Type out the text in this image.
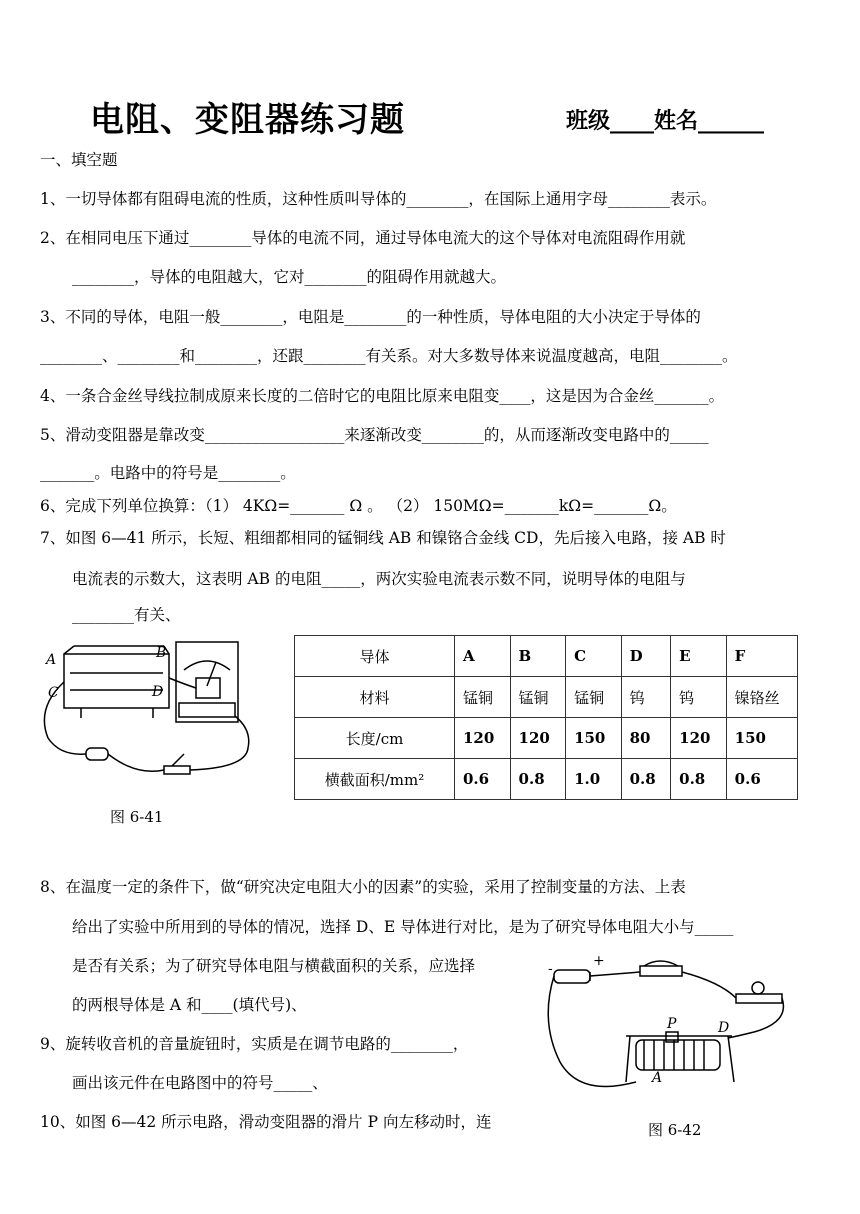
电阻、变阻器练习题	班级____姓名______
一、填空题
1、一切导体都有阻碍电流的性质，这种性质叫导体的________，在国际上通用字母________表示。
2、在相同电压下通过________导体的电流不同，通过导体电流大的这个导体对电流阻碍作用就
________，导体的电阻越大，它对________的阻碍作用就越大。
3、不同的导体，电阻一般________，电阻是________的一种性质，导体电阻的大小决定于导体的
________、________和________，还跟________有关系。对大多数导体来说温度越高，电阻________。
4、一条合金丝导线拉制成原来长度的二倍时它的电阻比原来电阻变____，这是因为合金丝_______。
5、滑动变阻器是靠改变__________________来逐渐改变________的，从而逐渐改变电路中的_____
_______。电路中的符号是________。
6、完成下列单位换算：（1） 4KΩ=_______ Ω 。 （2） 150MΩ=_______kΩ=_______Ω。
7、如图 6—41 所示，长短、粗细都相同的锰铜线 AB 和镍铬合金线 CD，先后接入电路，接 AB 时
电流表的示数大，这表明 AB 的电阻_____，两次实验电流表示数不同，说明导体的电阻与
________有关、
A	B
C	D
图 6-41
导体	A	B	C	D	E	F
材料	锰铜	锰铜	锰铜	钨	钨	镍铬丝
长度/cm	120	120	150	80	120	150
横截面积/mm²	0.6	0.8	1.0	0.8	0.8	0.6
8、在温度一定的条件下，做“研究决定电阻大小的因素”的实验，采用了控制变量的方法、上表
给出了实验中所用到的导体的情况，选择 D、E 导体进行对比，是为了研究导体电阻大小与_____
是否有关系；为了研究导体电阻与横截面积的关系，应选择
的两根导体是 A 和____(填代号)、
9、旋转收音机的音量旋钮时，实质是在调节电路的________，
画出该元件在电路图中的符号_____、
10、如图 6—42 所示电路，滑动变阻器的滑片 P 向左移动时，连
-	+
P	D
A
图 6-42
